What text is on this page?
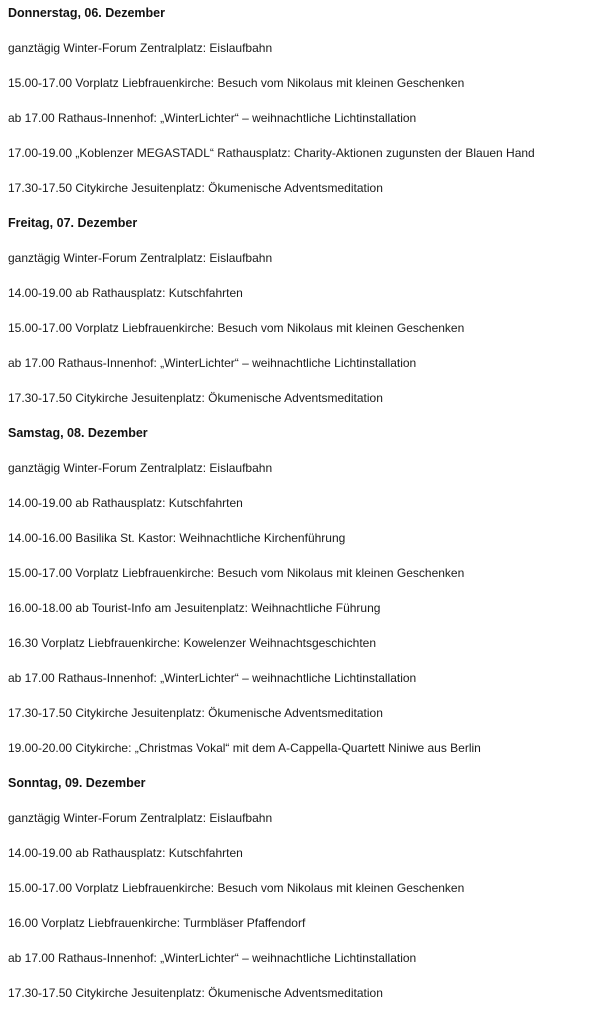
Donnerstag, 06. Dezember
ganztägig Winter-Forum Zentralplatz: Eislaufbahn
15.00-17.00 Vorplatz Liebfrauenkirche: Besuch vom Nikolaus mit kleinen Geschenken
ab 17.00 Rathaus-Innenhof: „WinterLichter“ – weihnachtliche Lichtinstallation
17.00-19.00 „Koblenzer MEGASTADL“ Rathausplatz: Charity-Aktionen zugunsten der Blauen Hand
17.30-17.50 Citykirche Jesuitenplatz: Ökumenische Adventsmeditation
Freitag, 07. Dezember
ganztägig Winter-Forum Zentralplatz: Eislaufbahn
14.00-19.00 ab Rathausplatz: Kutschfahrten
15.00-17.00 Vorplatz Liebfrauenkirche: Besuch vom Nikolaus mit kleinen Geschenken
ab 17.00 Rathaus-Innenhof: „WinterLichter“ – weihnachtliche Lichtinstallation
17.30-17.50 Citykirche Jesuitenplatz: Ökumenische Adventsmeditation
Samstag, 08. Dezember
ganztägig Winter-Forum Zentralplatz: Eislaufbahn
14.00-19.00 ab Rathausplatz: Kutschfahrten
14.00-16.00 Basilika St. Kastor: Weihnachtliche Kirchenführung
15.00-17.00 Vorplatz Liebfrauenkirche: Besuch vom Nikolaus mit kleinen Geschenken
16.00-18.00 ab Tourist-Info am Jesuitenplatz: Weihnachtliche Führung
16.30 Vorplatz Liebfrauenkirche: Kowelenzer Weihnachtsgeschichten
ab 17.00 Rathaus-Innenhof: „WinterLichter“ – weihnachtliche Lichtinstallation
17.30-17.50 Citykirche Jesuitenplatz: Ökumenische Adventsmeditation
19.00-20.00 Citykirche: „Christmas Vokal“ mit dem A-Cappella-Quartett Niniwe aus Berlin
Sonntag, 09. Dezember
ganztägig Winter-Forum Zentralplatz: Eislaufbahn
14.00-19.00 ab Rathausplatz: Kutschfahrten
15.00-17.00 Vorplatz Liebfrauenkirche: Besuch vom Nikolaus mit kleinen Geschenken
16.00 Vorplatz Liebfrauenkirche: Turmbläser Pfaffendorf
ab 17.00 Rathaus-Innenhof: „WinterLichter“ – weihnachtliche Lichtinstallation
17.30-17.50 Citykirche Jesuitenplatz: Ökumenische Adventsmeditation
